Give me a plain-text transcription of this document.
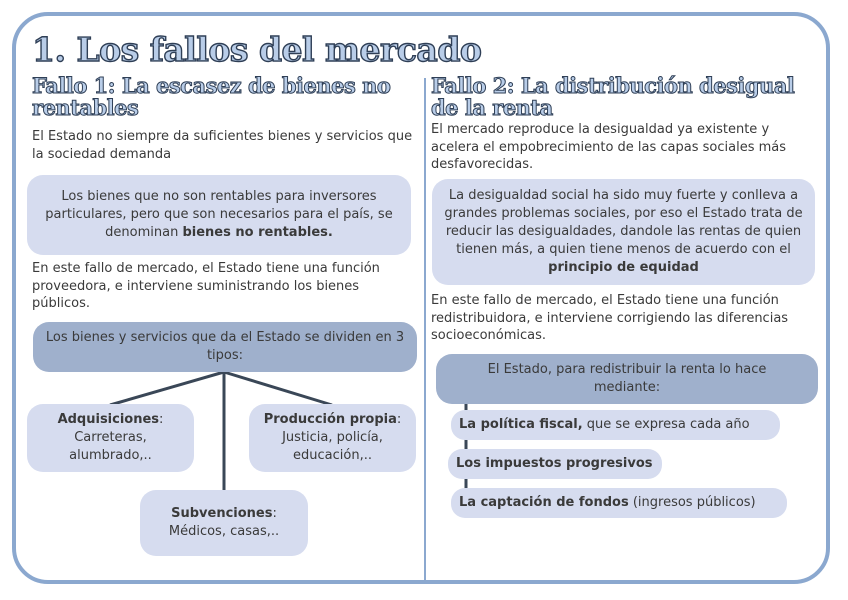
1. Los fallos del mercado
Fallo 1: La escasez de bienes no rentables

El Estado no siempre da suficientes bienes y servicios que la sociedad demanda

Los bienes que no son rentables para inversores particulares, pero que son necesarios para el país, se denominan bienes no rentables.

En este fallo de mercado, el Estado tiene una función proveedora, e interviene suministrando los bienes públicos.

Los bienes y servicios que da el Estado se dividen en 3 tipos:
Adquisiciones:
Carreteras, alumbrado,..
Producción propia:
Justicia, policía, educación,..
Subvenciones:
Médicos, casas,..
Fallo 2: La distribución desigual de la renta

El mercado reproduce la desigualdad ya existente y acelera el empobrecimiento de las capas sociales más desfavorecidas.

La desigualdad social ha sido muy fuerte y conlleva a grandes problemas sociales, por eso el Estado trata de reducir las desigualdades, dandole las rentas de quien tienen más, a quien tiene menos de acuerdo con el principio de equidad

En este fallo de mercado, el Estado tiene una función redistribuidora, e interviene corrigiendo las diferencias socioeconómicas.

El Estado, para redistribuir la renta lo hace mediante:
La política fiscal, que se expresa cada año
Los impuestos progresivos
La captación de fondos (ingresos públicos)
